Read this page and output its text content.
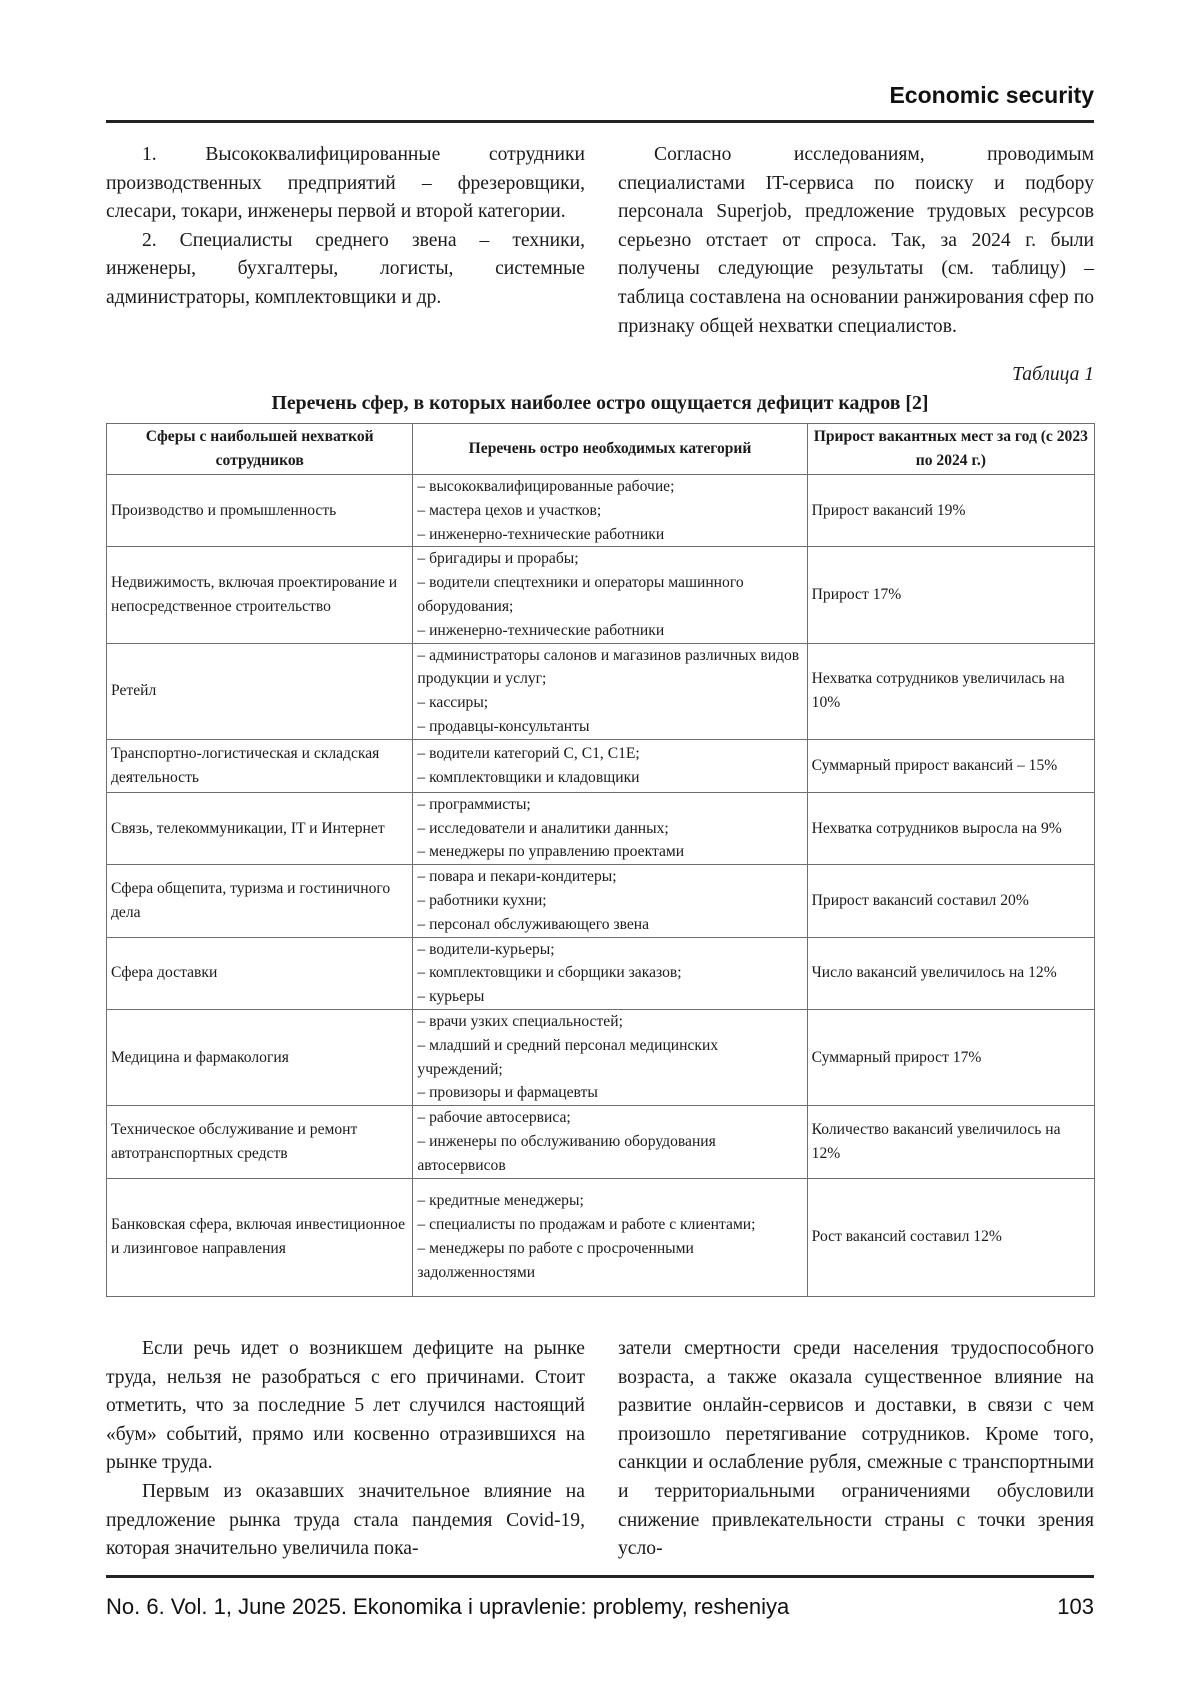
Economic security

1. Высококвалифицированные сотрудники производственных предприятий – фрезеровщики, слесари, токари, инженеры первой и второй категории.

2. Специалисты среднего звена – техники, инженеры, бухгалтеры, логисты, системные администраторы, комплектовщики и др.

Согласно исследованиям, проводимым специалистами IT-сервиса по поиску и подбору персонала Superjob, предложение трудовых ресурсов серьезно отстает от спроса. Так, за 2024 г. были получены следующие результаты (см. таблицу) – таблица составлена на основании ранжирования сфер по признаку общей нехватки специалистов.

Таблица 1
Перечень сфер, в которых наиболее остро ощущается дефицит кадров [2]
Сферы с наибольшей нехваткой сотрудников	Перечень остро необходимых категорий	Прирост вакантных мест за год (с 2023 по 2024 г.)
Производство и промышленность	– высококвалифицированные рабочие;
– мастера цехов и участков;
– инженерно-технические работники	Прирост вакансий 19%
Недвижимость, включая проектирование и непосредственное строительство	– бригадиры и прорабы;
– водители спецтехники и операторы машинного оборудования;
– инженерно-технические работники	Прирост 17%
Ретейл	– администраторы салонов и магазинов различных видов продукции и услуг;
– кассиры;
– продавцы-консультанты	Нехватка сотрудников увеличилась на 10%
Транспортно-логистическая и складская деятельность	– водители категорий C, C1, C1E;
– комплектовщики и кладовщики	Суммарный прирост вакансий – 15%
Связь, телекоммуникации, IT и Интернет	– программисты;
– исследователи и аналитики данных;
– менеджеры по управлению проектами	Нехватка сотрудников выросла на 9%
Сфера общепита, туризма и гостиничного дела	– повара и пекари-кондитеры;
– работники кухни;
– персонал обслуживающего звена	Прирост вакансий составил 20%
Сфера доставки	– водители-курьеры;
– комплектовщики и сборщики заказов;
– курьеры	Число вакансий увеличилось на 12%
Медицина и фармакология	– врачи узких специальностей;
– младший и средний персонал медицинских учреждений;
– провизоры и фармацевты	Суммарный прирост 17%
Техническое обслуживание и ремонт автотранспортных средств	– рабочие автосервиса;
– инженеры по обслуживанию оборудования автосервисов	Количество вакансий увеличилось на 12%
Банковская сфера, включая инвестиционное и лизинговое направления	– кредитные менеджеры;
– специалисты по продажам и работе с клиентами;
– менеджеры по работе с просроченными задолженностями	Рост вакансий составил 12%

Если речь идет о возникшем дефиците на рынке труда, нельзя не разобраться с его причинами. Стоит отметить, что за последние 5 лет случился настоящий «бум» событий, прямо или косвенно отразившихся на рынке труда.

Первым из оказавших значительное влияние на предложение рынка труда стала пандемия Covid-19, которая значительно увеличила пока-

затели смертности среди населения трудоспособного возраста, а также оказала существенное влияние на развитие онлайн-сервисов и доставки, в связи с чем произошло перетягивание сотрудников. Кроме того, санкции и ослабление рубля, смежные с транспортными и территориальными ограничениями обусловили снижение привлекательности страны с точки зрения усло-

No. 6. Vol. 1, June 2025. Ekonomika i upravlenie: problemy, resheniya	103
